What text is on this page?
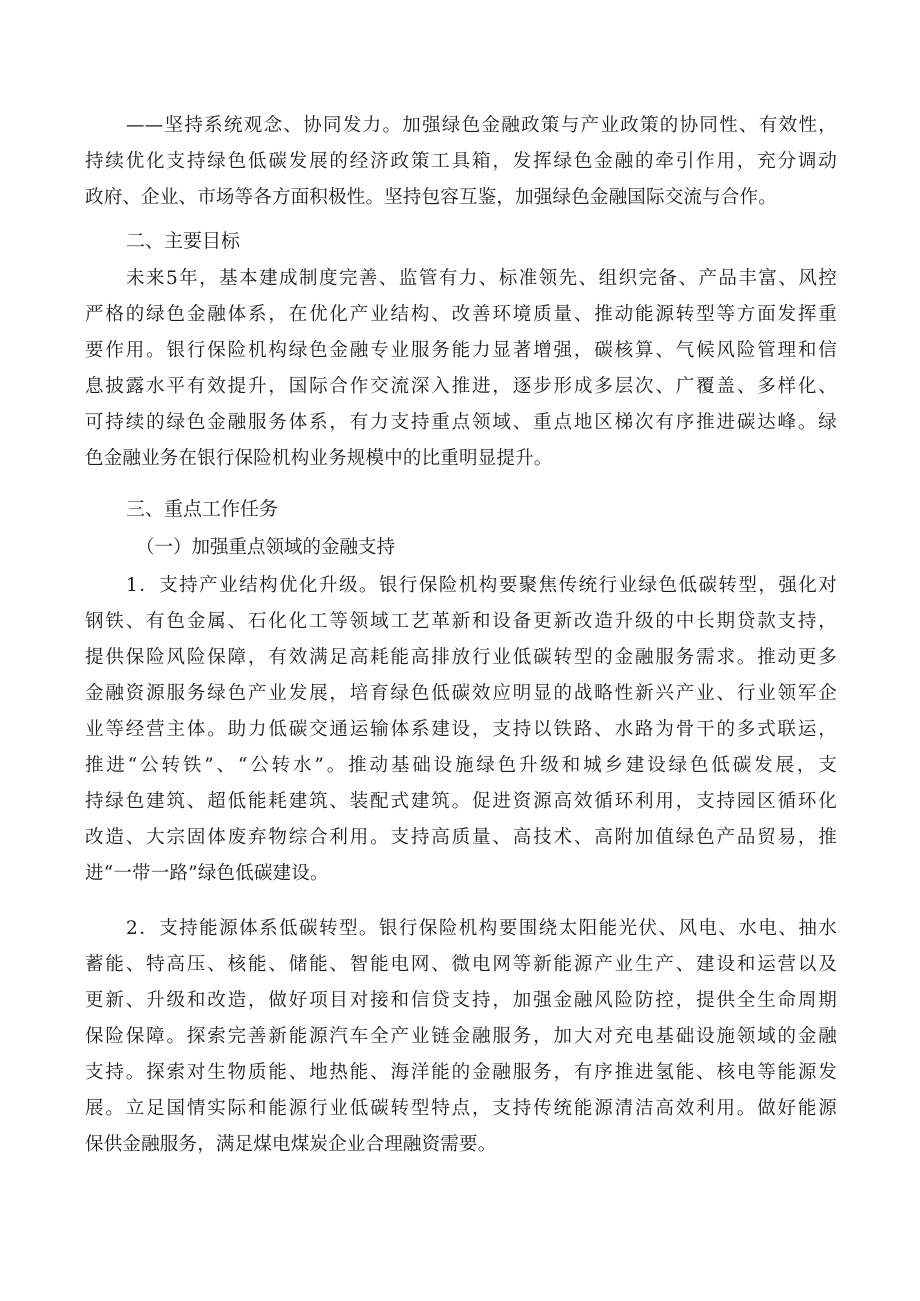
——坚持系统观念、协同发力。加强绿色金融政策与产业政策的协同性、有效性，
持续优化支持绿色低碳发展的经济政策工具箱，发挥绿色金融的牵引作用，充分调动
政府、企业、市场等各方面积极性。坚持包容互鉴，加强绿色金融国际交流与合作。
二、主要目标
未来5年，基本建成制度完善、监管有力、标准领先、组织完备、产品丰富、风控
严格的绿色金融体系，在优化产业结构、改善环境质量、推动能源转型等方面发挥重
要作用。银行保险机构绿色金融专业服务能力显著增强，碳核算、气候风险管理和信
息披露水平有效提升，国际合作交流深入推进，逐步形成多层次、广覆盖、多样化、
可持续的绿色金融服务体系，有力支持重点领域、重点地区梯次有序推进碳达峰。绿
色金融业务在银行保险机构业务规模中的比重明显提升。
三、重点工作任务
（一）加强重点领域的金融支持
1．支持产业结构优化升级。银行保险机构要聚焦传统行业绿色低碳转型，强化对
钢铁、有色金属、石化化工等领域工艺革新和设备更新改造升级的中长期贷款支持，
提供保险风险保障，有效满足高耗能高排放行业低碳转型的金融服务需求。推动更多
金融资源服务绿色产业发展，培育绿色低碳效应明显的战略性新兴产业、行业领军企
业等经营主体。助力低碳交通运输体系建设，支持以铁路、水路为骨干的多式联运，
推进“公转铁”、“公转水”。推动基础设施绿色升级和城乡建设绿色低碳发展，支
持绿色建筑、超低能耗建筑、装配式建筑。促进资源高效循环利用，支持园区循环化
改造、大宗固体废弃物综合利用。支持高质量、高技术、高附加值绿色产品贸易，推
进“一带一路”绿色低碳建设。
2．支持能源体系低碳转型。银行保险机构要围绕太阳能光伏、风电、水电、抽水
蓄能、特高压、核能、储能、智能电网、微电网等新能源产业生产、建设和运营以及
更新、升级和改造，做好项目对接和信贷支持，加强金融风险防控，提供全生命周期
保险保障。探索完善新能源汽车全产业链金融服务，加大对充电基础设施领域的金融
支持。探索对生物质能、地热能、海洋能的金融服务，有序推进氢能、核电等能源发
展。立足国情实际和能源行业低碳转型特点，支持传统能源清洁高效利用。做好能源
保供金融服务，满足煤电煤炭企业合理融资需要。
